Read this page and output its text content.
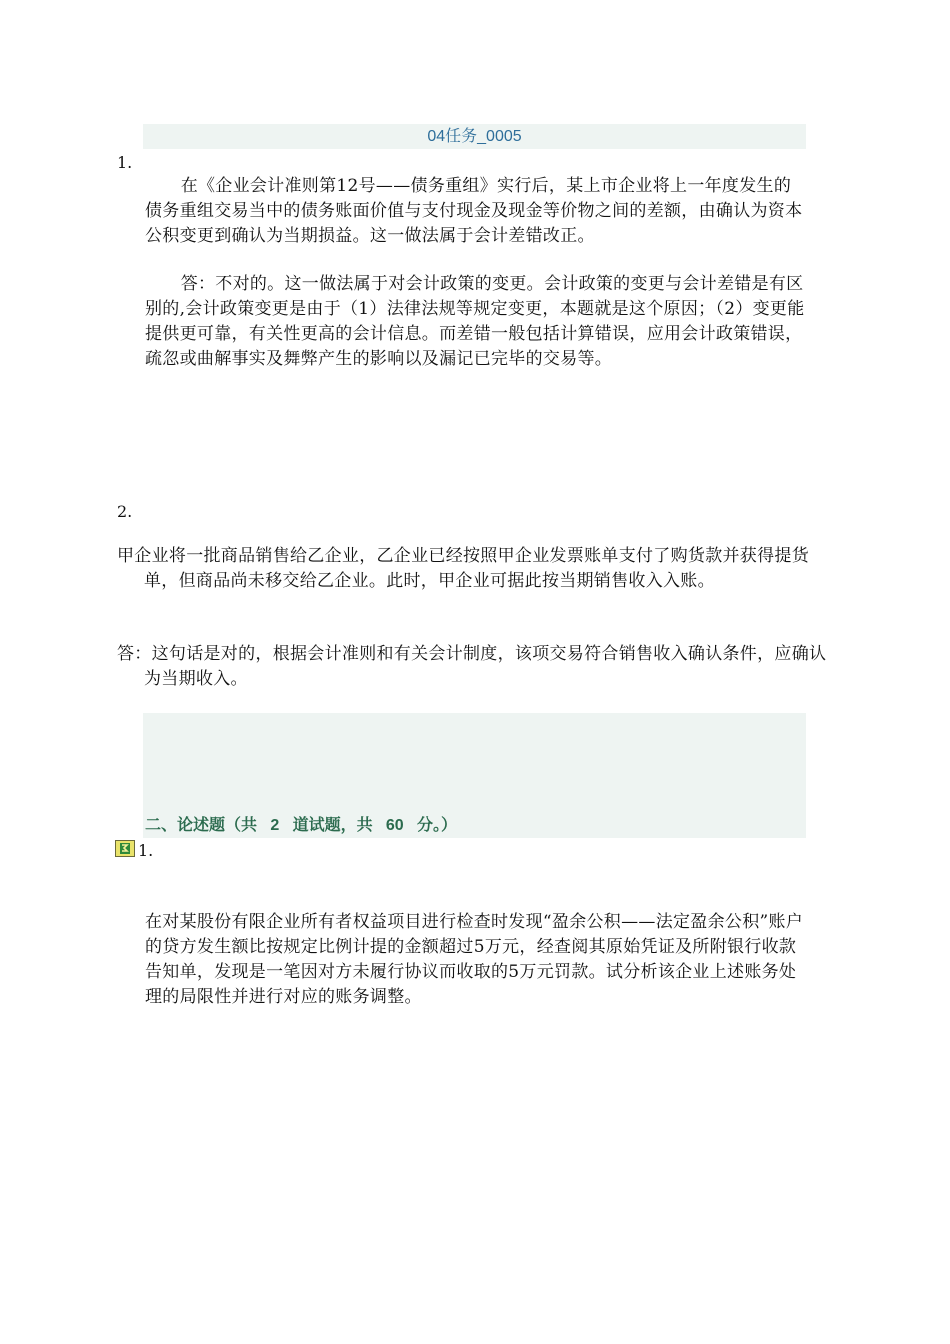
04任务_0005
1.
在《企业会计准则第12号——债务重组》实行后，某上市企业将上一年度发生的债务重组交易当中的债务账面价值与支付现金及现金等价物之间的差额，由确认为资本公积变更到确认为当期损益。这一做法属于会计差错改正。
答：不对的。这一做法属于对会计政策的变更。会计政策的变更与会计差错是有区别的,会计政策变更是由于（1）法律法规等规定变更，本题就是这个原因；（2）变更能提供更可靠，有关性更高的会计信息。而差错一般包括计算错误，应用会计政策错误，疏忽或曲解事实及舞弊产生的影响以及漏记已完毕的交易等。
2.
甲企业将一批商品销售给乙企业，乙企业已经按照甲企业发票账单支付了购货款并获得提货单，但商品尚未移交给乙企业。此时，甲企业可据此按当期销售收入入账。
答：这句话是对的，根据会计准则和有关会计制度，该项交易符合销售收入确认条件，应确认为当期收入。
二、论述题（共   2   道试题，共   60   分。）
1.
在对某股份有限企业所有者权益项目进行检查时发现“盈余公积——法定盈余公积”账户的贷方发生额比按规定比例计提的金额超过5万元，经查阅其原始凭证及所附银行收款告知单，发现是一笔因对方未履行协议而收取的5万元罚款。试分析该企业上述账务处理的局限性并进行对应的账务调整。
